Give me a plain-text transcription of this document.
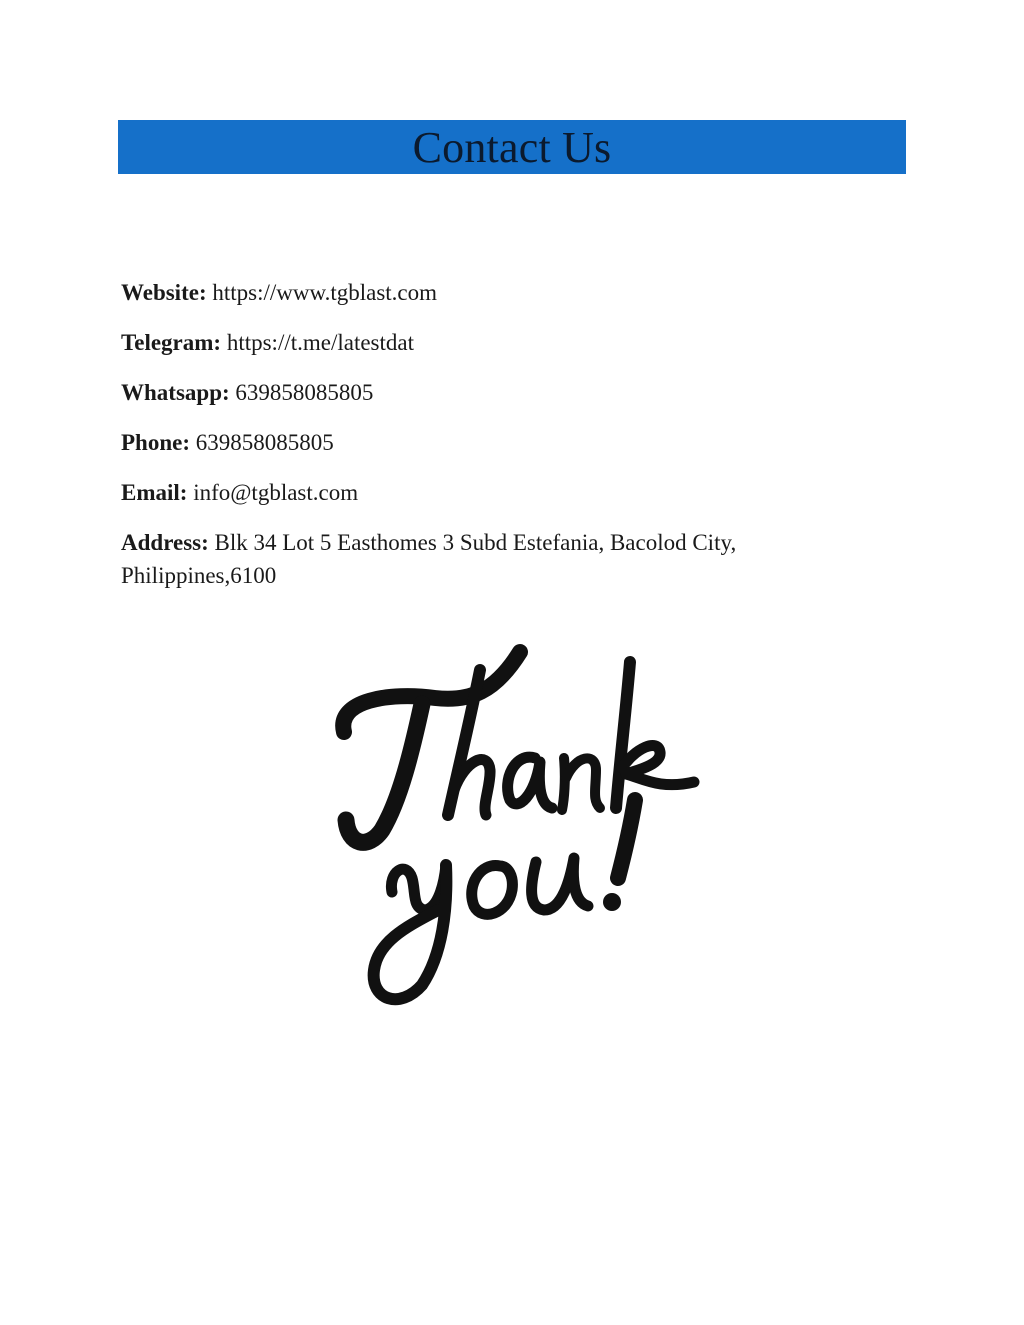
Contact Us
Website: https://www.tgblast.com
Telegram: https://t.me/latestdat
Whatsapp: 639858085805
Phone: 639858085805
Email: info@tgblast.com
Address: Blk 34 Lot 5 Easthomes 3 Subd Estefania, Bacolod City, Philippines,6100
